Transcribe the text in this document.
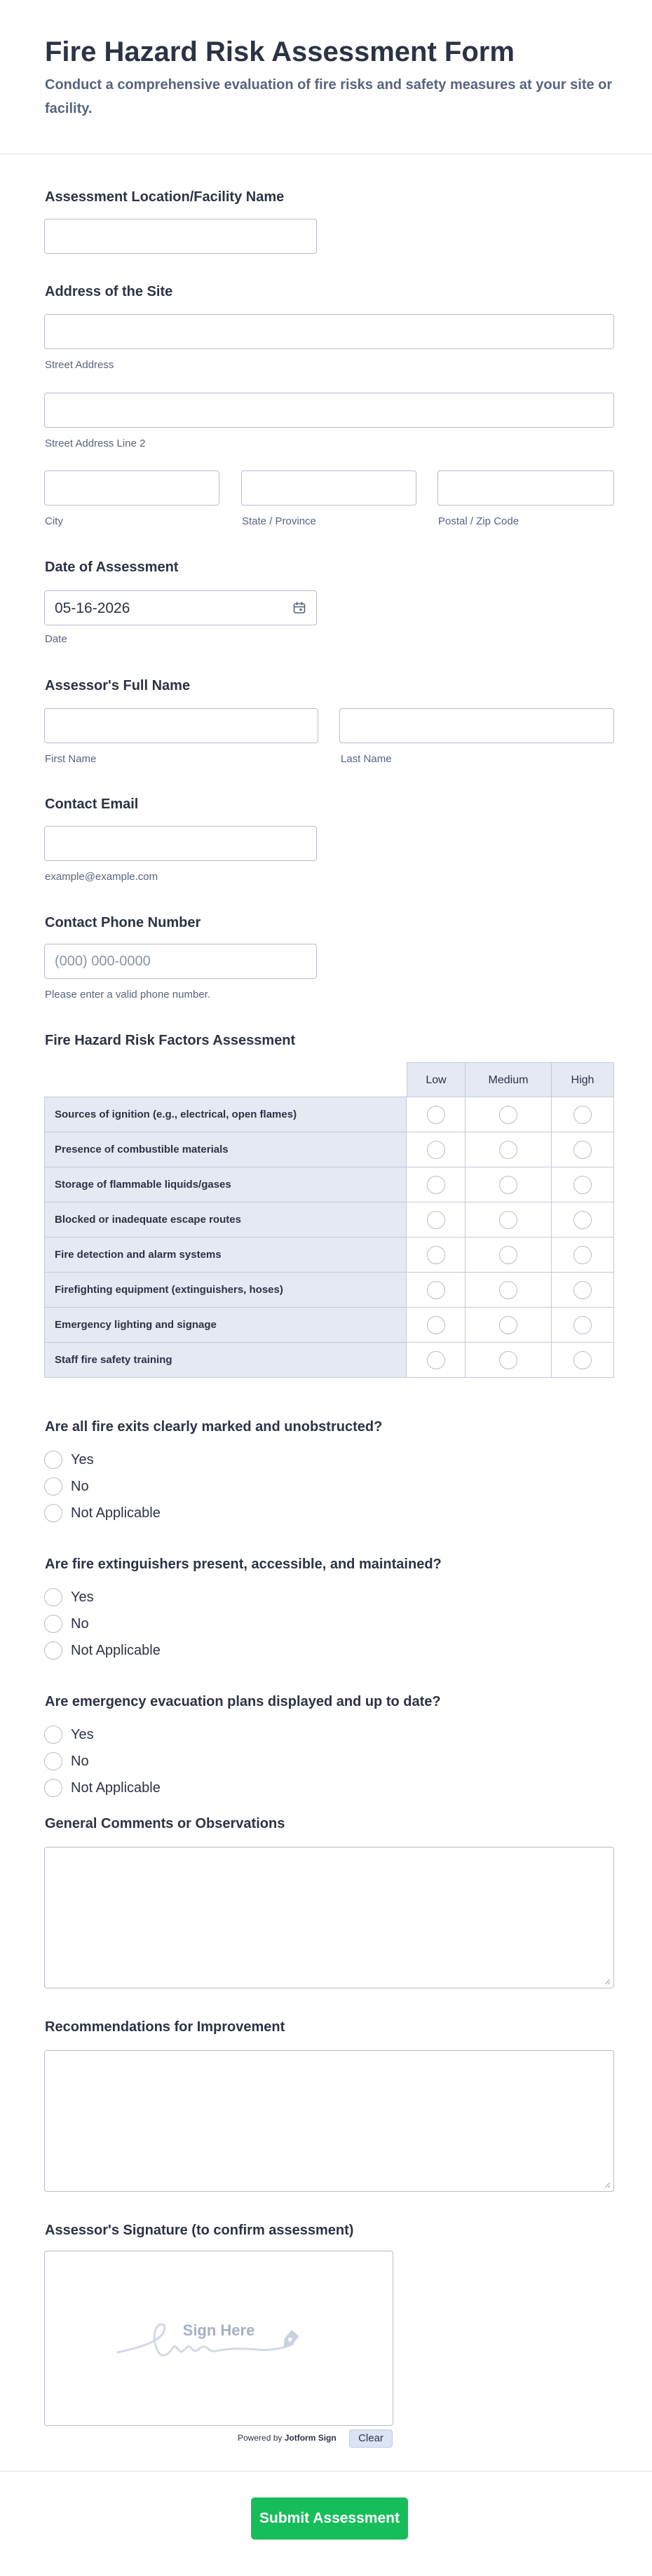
Fire Hazard Risk Assessment Form

Conduct a comprehensive evaluation of fire risks and safety measures at your site or facility.

Assessment Location/Facility Name
Address of the Site
Street Address
Street Address Line 2
City	State / Province	Postal / Zip Code
Date of Assessment
05-16-2026
Date
Assessor's Full Name
First Name	Last Name
Contact Email
example@example.com
Contact Phone Number
(000) 000-0000
Please enter a valid phone number.
Fire Hazard Risk Factors Assessment
Low	Medium	High
Sources of ignition (e.g., electrical, open flames)
Presence of combustible materials
Storage of flammable liquids/gases
Blocked or inadequate escape routes
Fire detection and alarm systems
Firefighting equipment (extinguishers, hoses)
Emergency lighting and signage
Staff fire safety training
Are all fire exits clearly marked and unobstructed?
Yes
No
Not Applicable
Are fire extinguishers present, accessible, and maintained?
Yes
No
Not Applicable
Are emergency evacuation plans displayed and up to date?
Yes
No
Not Applicable
General Comments or Observations
Recommendations for Improvement
Assessor's Signature (to confirm assessment)
Sign Here
Powered by Jotform Sign	Clear
Submit Assessment
